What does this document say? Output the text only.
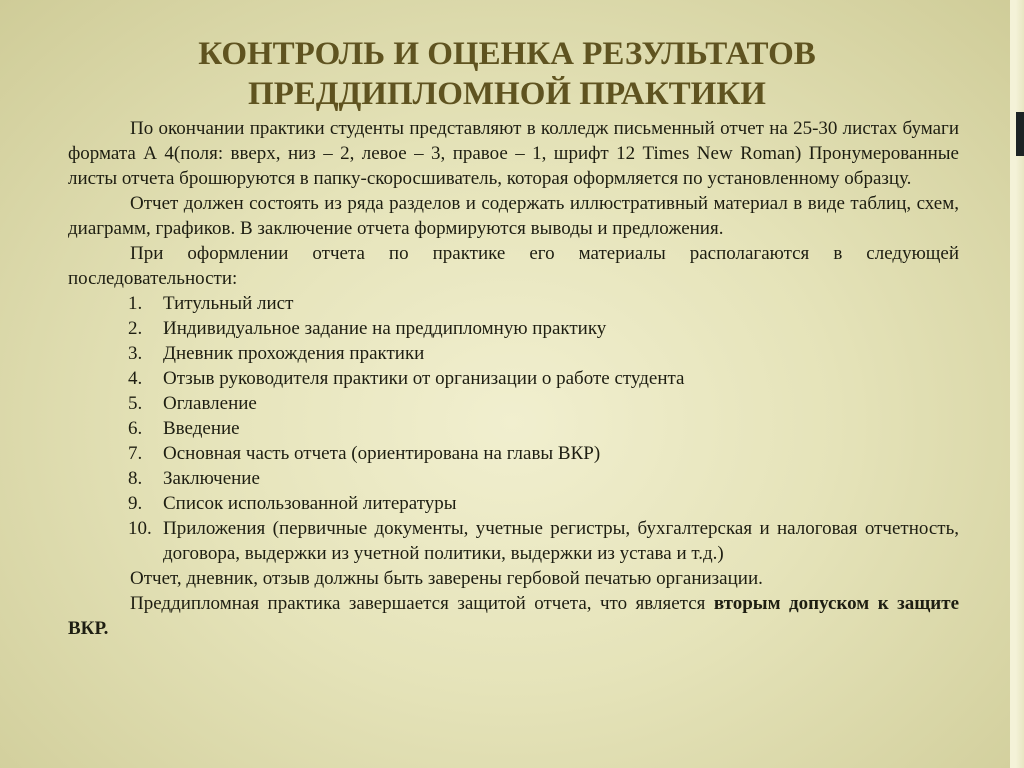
КОНТРОЛЬ И ОЦЕНКА РЕЗУЛЬТАТОВ
ПРЕДДИПЛОМНОЙ ПРАКТИКИ

По окончании практики студенты представляют в колледж письменный отчет на 25-30 листах бумаги формата А 4(поля: вверх, низ – 2, левое – 3, правое – 1, шрифт 12 Times New Roman) Пронумерованные листы отчета брошюруются в папку-скоросшиватель, которая оформляется по установленному образцу.

Отчет должен состоять из ряда разделов и содержать иллюстративный материал в виде таблиц, схем, диаграмм, графиков. В заключение отчета формируются выводы и предложения.

При оформлении отчета по практике его материалы располагаются в следующей последовательности:

1.	Титульный лист
2.	Индивидуальное задание на преддипломную практику
3.	Дневник прохождения практики
4.	Отзыв руководителя практики от организации о работе студента
5.	Оглавление
6.	Введение
7.	Основная часть отчета (ориентирована на главы ВКР)
8.	Заключение
9.	Список использованной литературы
10. Приложения (первичные документы, учетные регистры, бухгалтерская и налоговая отчетность, договора, выдержки из учетной политики, выдержки из устава и т.д.)

Отчет, дневник, отзыв должны быть заверены гербовой печатью организации.

Преддипломная практика завершается защитой отчета, что является вторым допуском к защите ВКР.
